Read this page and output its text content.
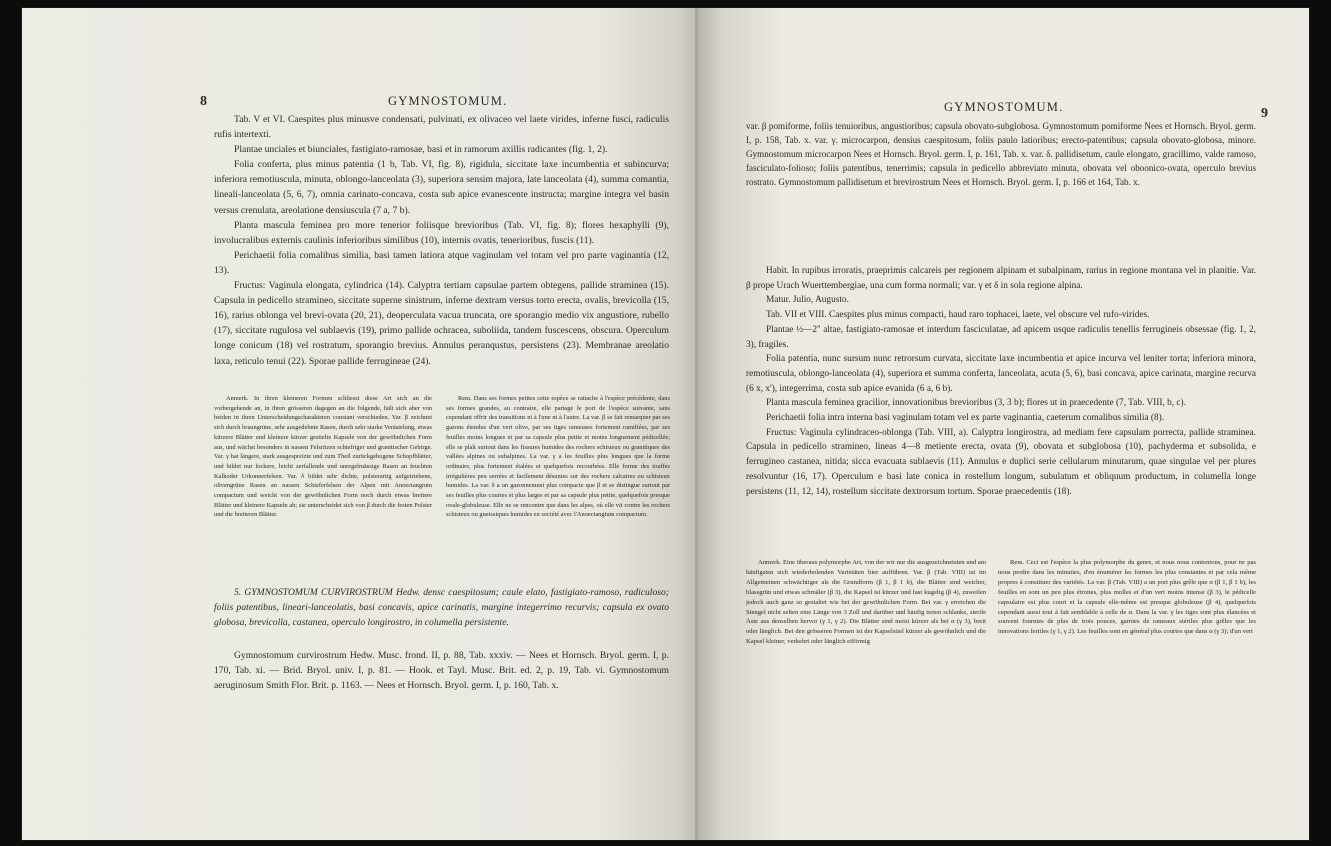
8	GYMNOSTOMUM.

Tab. V et VI. Caespites plus minusve condensati, pulvinati, ex olivaceo vel laete virides, inferne fusci, radiculis rufis intertexti.

Plantae unciales et biunciales, fastigiato-ramosae, basi et in ramorum axillis radicantes (fig. 1, 2).

Folia conferta, plus minus patentia (1 b, Tab. VI, fig. 8), rigidula, siccitate laxe incumbentia et subincurva; inferiora remotiuscula, minuta, oblongo-lanceolata (3), superiora sensim majora, late lanceolata (4), summa comantia, lineali-lanceolata (5, 6, 7), omnia carinato-concava, costa sub apice evanescente instructa; margine integra vel basin versus crenulata, areolatione densiuscula (7 a, 7 b).

Planta mascula feminea pro more tenerior foliisque brevioribus (Tab. VI, fig. 8); flores hexaphylli (9), involucralibus externis caulinis inferioribus similibus (10), internis ovatis, tenerioribus, fuscis (11).

Perichaetii folia comalibus similia, basi tamen latiora atque vaginulam vel totam vel pro parte vaginantia (12, 13).

Fructus: Vaginula elongata, cylindrica (14). Calyptra tertiam capsulae partem obtegens, pallide straminea (15). Capsula in pedicello stramineo, siccitate superne sinistrum, inferne dextram versus torto erecta, ovalis, brevicolla (15, 16), rarius oblonga vel brevi-ovata (20, 21), deoperculata vacua truncata, ore sporangio medio vix angustiore, rubello (17), siccitate rugulosa vel sublaevis (19), primo pallide ochracea, suboliida, tandem fuscescens, obscura. Operculum longe conicum (18) vel rostratum, sporangio brevius. Annulus peranqustus, persistens (23). Membranae areolatio laxa, reticulo tenui (22). Sporae pallide ferrugineae (24).

Anmerk. In ihren kleineren Formen schliesst diese Art sich an die vorhergehende an, in ihren grösseren dagegen an die folgende, hält sich aber von beiden in ihren Unterscheidungscharakteren constant verschieden. Var. β zeichnet sich durch braungrüne, sehr ausgedehnte Rasen, durch sehr starke Verästelung, etwas kürzere Blätter und kleinere kürzer gestielte Kapsele von der gewöhnlichen Form aus, und wächst besonders in nassen Felsritzen schiefriger und granitischer Gebirge. Var. γ hat längere, stark ausgespreizte und zum Theil zurückgebogene Schopfblätter, und bildet nur lockere, leicht zerfallende und unregelmässige Rasen an feuchten Kalkoder Urkonnerfelsen. Var. δ bildet sehr dichte, polsterartig aufgetriebene, olivengrüne Rasen an nassen Schieferfelsen der Alpen mit Anoectangium compactum und weicht von der gewöhnlichen Form noch durch etwas breitere Blätter und kleinere Kapseln ab; sie unterscheidet sich von β durch die festen Polster und die breiteren Blätter.

Rem. Dans ses formes petites cette espèce se rattache à l'espèce précédente, dans ses formes grandes, au contraire, elle partage le port de l'espèce suivante, sans cependant offrir des transitions ni à l'une ni à l'autre. La var. β se fait remarquer par ses gazons étendus d'un vert olive, par ses tiges rameuses fortement ramifiées, par ses feuilles moins longues et par sa capsule plus petite et moins longuement pédicellée; elle se plaît surtout dans les fissures humides des rochers schisteux ou granitiques des vallées alpines ou subalpines. La var. γ a les feuilles plus longues que la forme ordinaire, plus fortement étalées et quelquefois recourbées. Elle forme des touffes irrégulières peu serrées et facilement désunies sur des rochers calcaires ou schisteux humides. La var. δ a un gazonnement plus compacte que β et se distingue surtout par ses feuilles plus courtes et plus larges et par sa capsule plus petite, quelquefois presque ovale-globuleuse. Elle ne se rencontre que dans les alpes, où elle vit contre les rochers schisteux ou gneissiques humides en société avec l'Anoectangium compactum.

5. GYMNOSTOMUM CURVIROSTRUM Hedw. densc caespitosum; caule elato, fastigiato-ramoso, radiculoso; foliis patentibus, lineari-lanceolatis, basi concavis, apice carinatis, margine integerrimo recurvis; capsula ex ovato globosa, brevicolla, castanea, operculo longirostro, in columella persistente.

Gymnostomum curvirostrum Hedw. Musc. frond. II, p. 88, Tab. xxxiv. — Nees et Hornsch. Bryol. germ. I, p. 170, Tab. xi. — Brid. Bryol. univ. I, p. 81. — Hook. et Tayl. Musc. Brit. ed. 2, p. 19, Tab. vi. Gymnostomum aeruginosum Smith Flor. Brit. p. 1163. — Nees et Hornsch. Bryol. germ. I, p. 160, Tab. x.

GYMNOSTOMUM.	9

var. β pomiforme, foliis tenuioribus, angustioribus; capsula obovato-subglobosa. Gymnostomum pomiforme Nees et Hornsch. Bryol. germ. I, p. 158, Tab. x. var. γ. microcarpon, densius caespitosum, foliis paulo latioribus; erecto-patentibus; capsula obovato-globosa, minore. Gymnostomum microcarpon Nees et Hornsch. Bryol. germ. I, p. 161, Tab. x. var. δ. pallidisetum, caule elongato, gracillimo, valde ramoso, fasciculato-folioso; foliis patentibus, tenerrimis; capsula in pedicello abbreviato minuta, obovata vel oboonico-ovata, operculo brevius rostrato. Gymnostomum pallidisetum et brevirostrum Nees et Hornsch. Bryol. germ. I, p. 166 et 164, Tab. x.

Habit. In rupibus irroratis, praeprimis calcareis per regionem alpinam et subalpinam, rarius in regione montana vel in planitie. Var. β prope Urach Wuerttembergiae, una cum forma normali; var. γ et δ in sola regione alpina.

Matur. Julio, Augusto.

Tab. VII et VIII. Caespites plus minus compacti, haud raro tophacei, laete, vel obscure vel rufo-virides.

Plantae ½—2'' altae, fastigiato-ramosae et interdum fasciculatae, ad apicem usque radiculis tenellis ferrugineis obsessae (fig. 1, 2, 3), fragiles.

Folia patentia, nunc sursum nunc retrorsum curvata, siccitate laxe incumbentia et apice incurva vel leniter torta; inferiora minora, remotiuscula, oblongo-lanceolata (4), superiora et summa conferta, lanceolata, acuta (5, 6), basi concava, apice carinata, margine recurva (6 x, x'), integerrima, costa sub apice evanida (6 a, 6 b).

Planta mascula feminea gracilior, innovationibus brevioribus (3, 3 b); flores ut in praecedente (7, Tab. VIII, b, c).

Perichaetii folia intra interna basi vaginulam totam vel ex parte vaginantia, caeterum comalibus similia (8).

Fructus: Vaginula cylindraceo-oblonga (Tab. VIII, a). Calyptra longirostra, ad mediam fere capsulam porrecta, pallide straminea. Capsula in pedicello stramineo, lineas 4—8 metiente erecta, ovata (9), obovata et subglobosa (10), pachyderma et subsolida, e ferrugineo castanea, nitida; sicca evacuata sublaevis (11). Annulus e duplici serie cellularum minutarum, quae singulae vel per plures resolvuntur (16, 17). Operculum e basi late conica in rostellum longum, subulatum et obliquum productum, in columella longe persistens (11, 12, 14), rostellum siccitate dextrorsum tortum. Sporae praecedentis (18).

Anmerk. Eine überaus polymorphe Art, von der wir nur die ausgezeichnetsten und am häufigsten sich wiederholenden Varietäten hier aufführen. Var. β (Tab. VIII) ist im Allgemeinen schwächtiger als die Grundform (β 1, β 1 b), die Blätter sind weicher, blassgrün und etwas schmäler (β 3), die Kapsel ist kürzer und fast kugelig (β 4), zuweilen jedoch auch ganz so gestaltet wie bei der gewöhnlichen Form. Bei var. γ erreichen die Stengel nicht selten eine Länge von 3 Zoll und darüber und häufig treten schlanke, sterile Äste aus denselben hervor (γ 1, γ 2). Die Blätter sind meist kürzer als bei α (γ 3), breit oder länglich. Bei den grösseren Formen ist der Kapselstiel kürzer als gewöhnlich und die Kapsel kleiner, verkehrt oder länglich eiförmig

Rem. Ceci est l'espèce la plus polymorphe du genre, et nous nous contentons, pour ne pas nous perdre dans les minuties, d'en énumérer les formes les plus constantes et par cela même propres à constituer des variétés. La var. β (Tab. VIII) a un port plus grêle que α (β 1, β 1 b), les feuilles en sont un peu plus étroites, plus molles et d'un vert moins intense (β 3), le pédicelle capsulaire est plus court et la capsule elle-même est presque globuleuse (β 4), quelquefois cependant aussi tout à fait semblable à celle de α. Dans la var. γ les tiges sont plus élancées et souvent fournies de plus de trois pouces, garnies de rameaux stériles plus grêles que les innovations fertiles (γ 1, γ 2). Les feuilles sont en général plus courtes que dans α (γ 3); d'un vert
